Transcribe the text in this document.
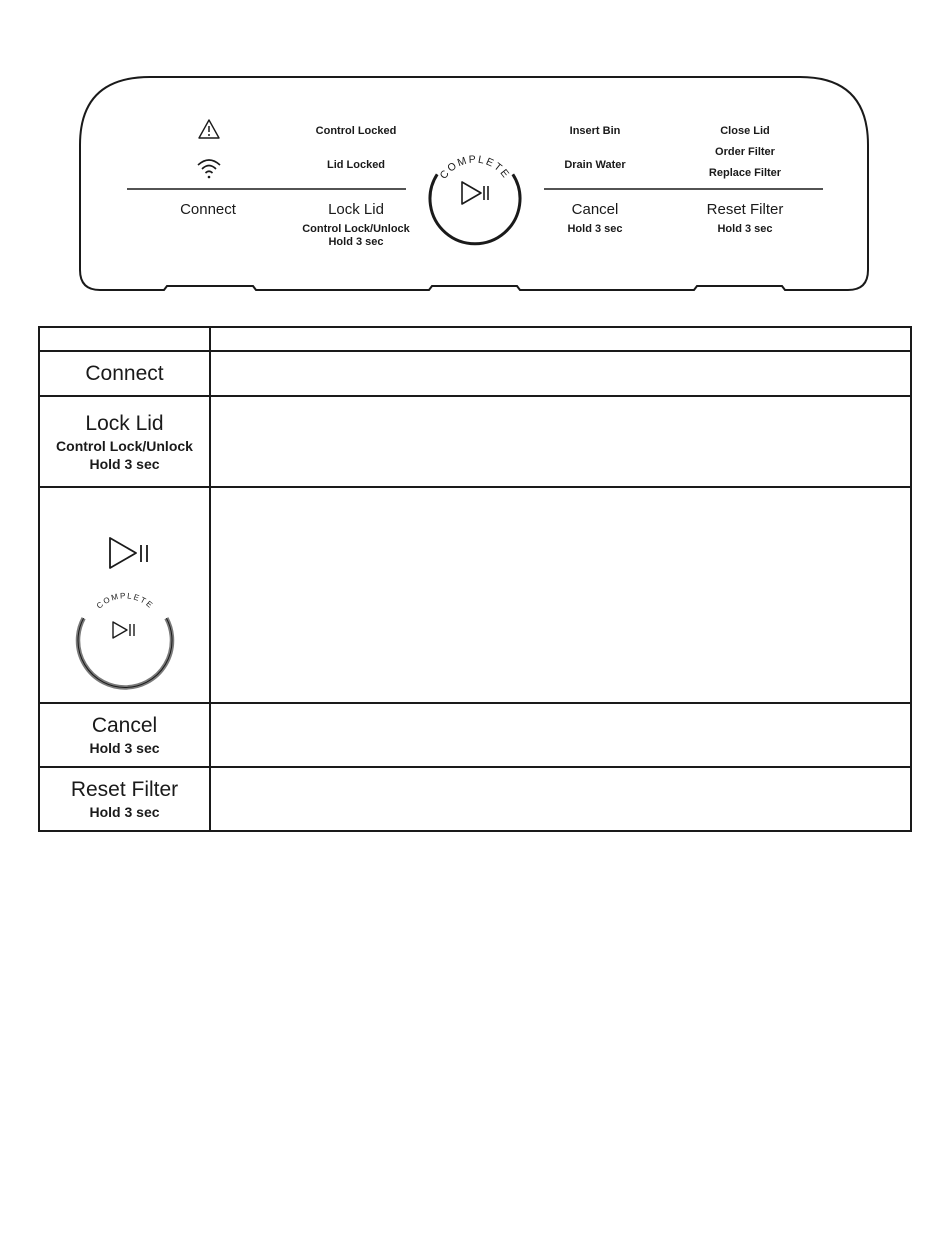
Control Locked
Lid Locked
Insert Bin
Drain Water
Close Lid
Order Filter
Replace Filter
Connect	Lock Lid
Control Lock/Unlock
Hold 3 sec
COMPLETE
Cancel
Hold 3 sec
Reset Filter
Hold 3 sec

Connect	

Lock Lid
Control Lock/Unlock
Hold 3 sec	

COMPLETE	

Cancel
Hold 3 sec	

Reset Filter
Hold 3 sec	
